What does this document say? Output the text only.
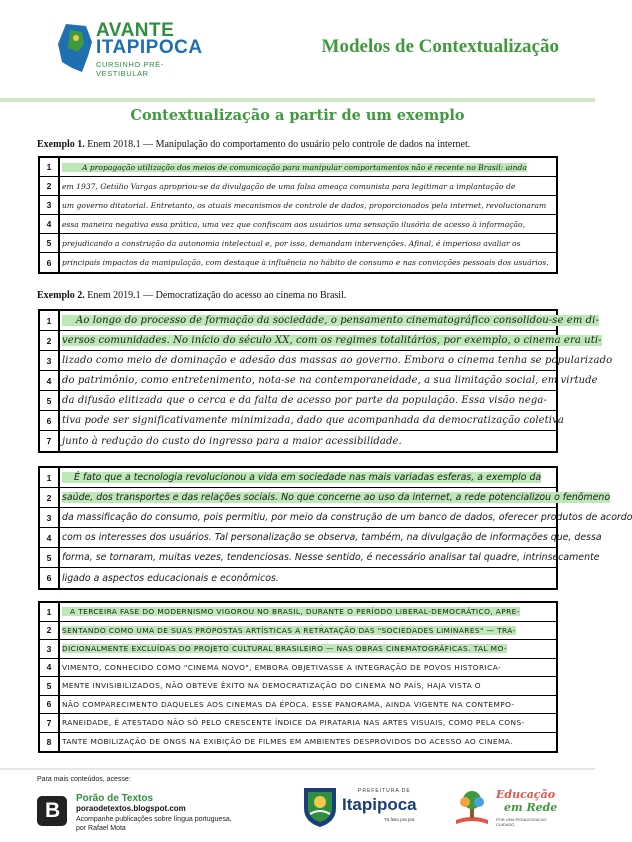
AVANTE
ITAPIPOCA
CURSINHO PRÉ-VESTIBULAR
Modelos de Contextualização
Contextualização a partir de um exemplo
Exemplo 1. Enem 2018.1 — Manipulação do comportamento do usuário pelo controle de dados na internet.
1	A propagação utilização dos meios de comunicação para manipular comportamentos não é recente no Brasil: ainda
2	em 1937, Getúlio Vargas apropriou-se da divulgação de uma falsa ameaça comunista para legitimar a implantação de
3	um governo ditatorial. Entretanto, os atuais mecanismos de controle de dados, proporcionados pela internet, revolucionaram
4	essa maneira negativa essa prática, uma vez que confiscam aos usuários uma sensação ilusória de acesso à informação,
5	prejudicando a construção da autonomia intelectual e, por isso, demandam intervenções. Afinal, é imperioso avaliar os
6	principais impactos da manipulação, com destaque à influência no hábito de consumo e nas convicções pessoais dos usuários.
Exemplo 2. Enem 2019.1 — Democratização do acesso ao cinema no Brasil.
1	Ao longo do processo de formação da sociedade, o pensamento cinematográfico consolidou-se em di-
2	versos comunidades. No início do século XX, com os regimes totalitários, por exemplo, o cinema era uti-
3	lizado como meio de dominação e adesão das massas ao governo. Embora o cinema tenha se popularizado
4	do patrimônio, como entretenimento, nota-se na contemporaneidade, a sua limitação social, em virtude
5	da difusão elitizada que o cerca e da falta de acesso por parte da população. Essa visão nega-
6	tiva pode ser significativamente minimizada, dado que acompanhada da democratização coletiva
7	junto à redução do custo do ingresso para a maior acessibilidade.
1	É fato que a tecnologia revolucionou a vida em sociedade nas mais variadas esferas, a exemplo da
2	saúde, dos transportes e das relações sociais. No que concerne ao uso da internet, a rede potencializou o fenômeno
3	da massificação do consumo, pois permitiu, por meio da construção de um banco de dados, oferecer produtos de acordo
4	com os interesses dos usuários. Tal personalização se observa, também, na divulgação de informações que, dessa
5	forma, se tornaram, muitas vezes, tendenciosas. Nesse sentido, é necessário analisar tal quadre, intrinsecamente
6	ligado a aspectos educacionais e econômicos.
1	A TERCEIRA FASE DO MODERNISMO VIGOROU NO BRASIL, DURANTE O PERÍODO LIBERAL-DEMOCRÁTICO, APRE-
2	SENTANDO COMO UMA DE SUAS PROPOSTAS ARTÍSTICAS A RETRATAÇÃO DAS "SOCIEDADES LIMINARES" — TRA-
3	DICIONALMENTE EXCLUÍDAS DO PROJETO CULTURAL BRASILEIRO — NAS OBRAS CINEMATOGRÁFICAS. TAL MO-
4	VIMENTO, CONHECIDO COMO "CINEMA NOVO", EMBORA OBJETIVASSE A INTEGRAÇÃO DE POVOS HISTORICA-
5	MENTE INVISIBILIZADOS, NÃO OBTEVE ÊXITO NA DEMOCRATIZAÇÃO DO CINEMA NO PAÍS, HAJA VISTA O
6	NÃO COMPARECIMENTO DAQUELES AOS CINEMAS DA ÉPOCA. ESSE PANORAMA, AINDA VIGENTE NA CONTEMPO-
7	RANEIDADE, É ATESTADO NÃO SÓ PELO CRESCENTE ÍNDICE DA PIRATARIA NAS ARTES VISUAIS, COMO PELA CONS-
8	TANTE MOBILIZAÇÃO DE ONGS NA EXIBIÇÃO DE FILMES EM AMBIENTES DESPROVIDOS DO ACESSO AO CINEMA.
Para mais conteúdos, acesse:
B
Porão de Textos
poraodetextos.blogspot.com
Acompanhe publicações sobre língua portuguesa, por Rafael Mota
PREFEITURA DE
Itapipoca
Tá feito pra pra
Educação
em Rede
POR UMA PEDAGOGIA DO CUIDADO
